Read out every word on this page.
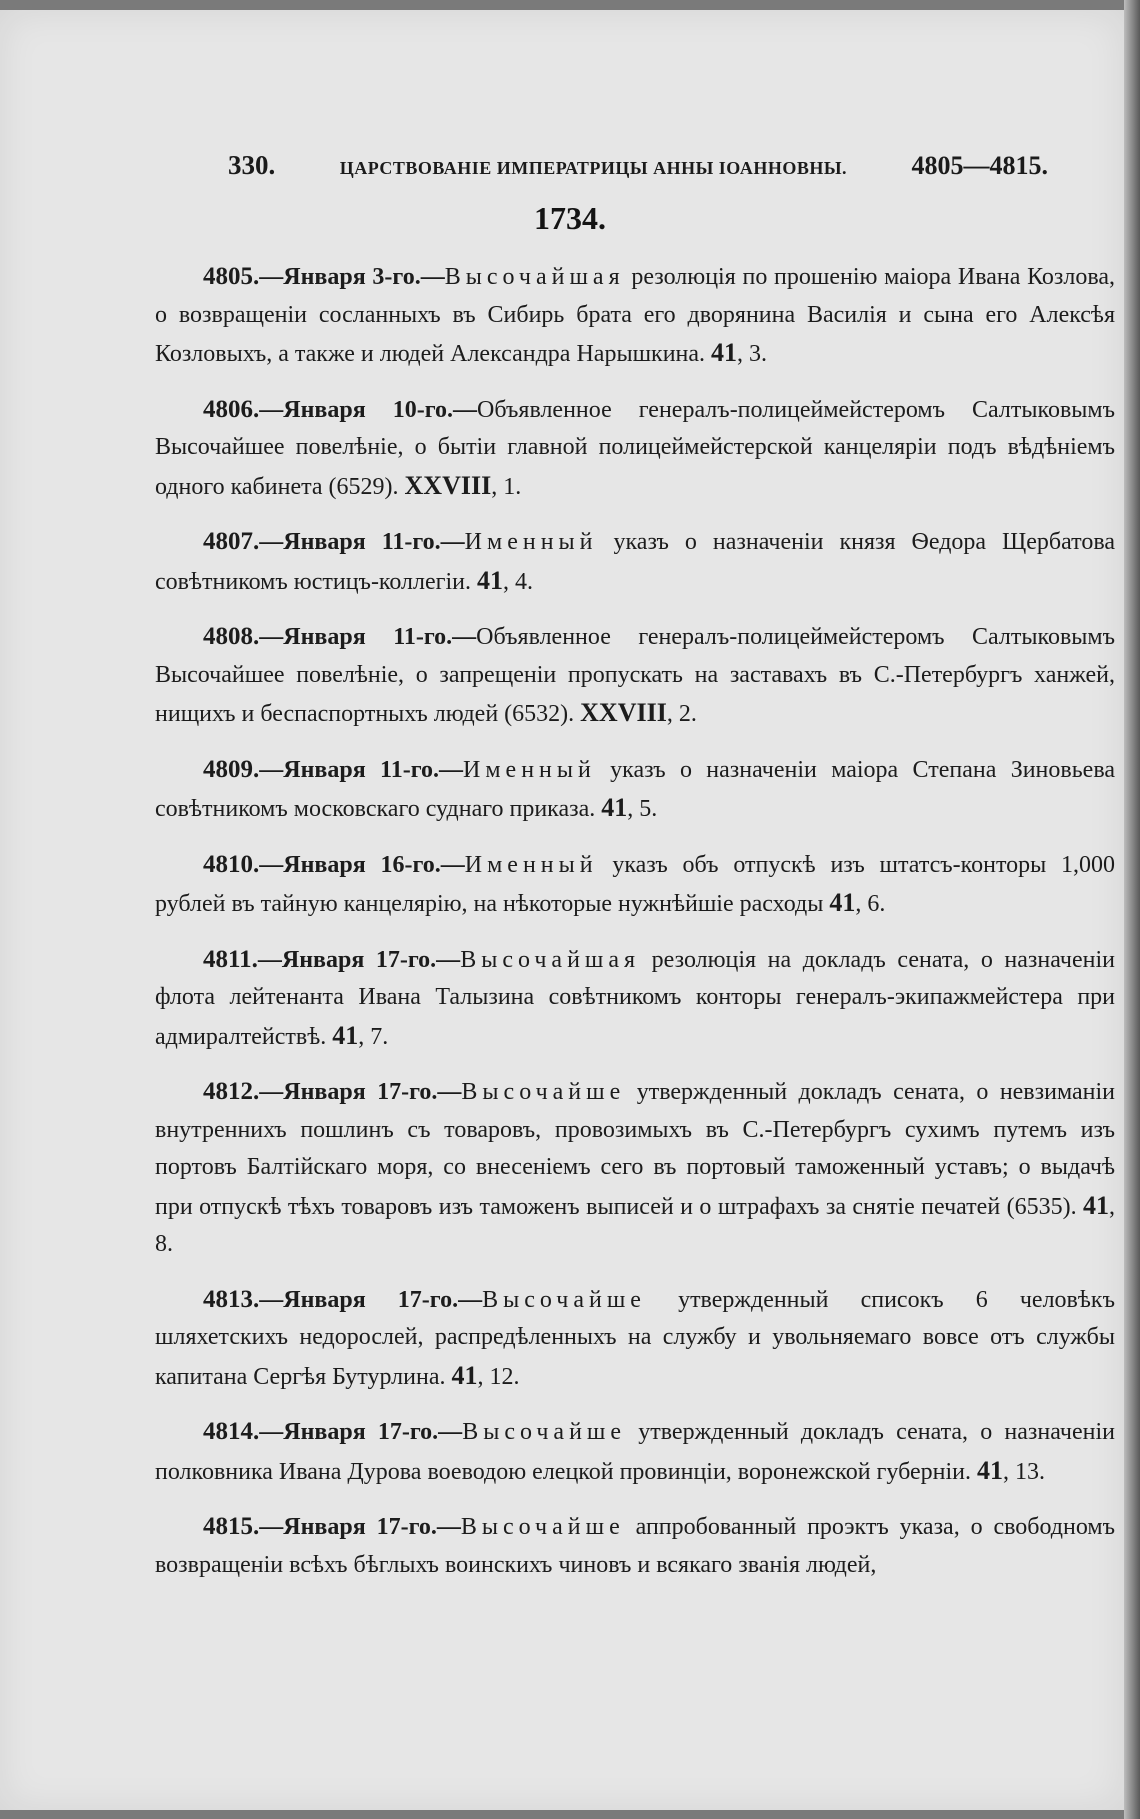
330.	ЦАРСТВОВАНІЕ ИМПЕРАТРИЦЫ АННЫ ІОАННОВНЫ. 4805—4815.
1734.

4805.—Января 3-го.—Высочайшая резолюція по прошенію маіора Ивана Козлова, о возвращеніи сосланныхъ въ Сибирь брата его дворянина Василія и сына его Алексѣя Козловыхъ, а также и людей Александра Нарышкина. 41, 3.

4806.—Января 10-го.—Объявленное генералъ-полицеймейстеромъ Салтыковымъ Высочайшее повелѣніе, о бытіи главной полицеймейстерской канцеляріи подъ вѣдѣніемъ одного кабинета (6529). XXVIII, 1.

4807.—Января 11-го.—Именный указъ о назначеніи князя Ѳедора Щербатова совѣтникомъ юстицъ-коллегіи. 41, 4.

4808.—Января 11-го.—Объявленное генералъ-полицеймейстеромъ Салтыковымъ Высочайшее повелѣніе, о запрещеніи пропускать на заставахъ въ С.-Петербургъ ханжей, нищихъ и беспаспортныхъ людей (6532). XXVIII, 2.

4809.—Января 11-го.—Именный указъ о назначеніи маіора Степана Зиновьева совѣтникомъ московскаго суднаго приказа. 41, 5.

4810.—Января 16-го.—Именный указъ объ отпускѣ изъ штатсъ-конторы 1,000 рублей въ тайную канцелярію, на нѣкоторые нужнѣйшіе расходы 41, 6.

4811.—Января 17-го.—Высочайшая резолюція на докладъ сената, о назначеніи флота лейтенанта Ивана Талызина совѣтникомъ конторы генералъ-экипажмейстера при адмиралтействѣ. 41, 7.

4812.—Января 17-го.—Высочайше утвержденный докладъ сената, о невзиманіи внутреннихъ пошлинъ съ товаровъ, провозимыхъ въ С.-Петербургъ сухимъ путемъ изъ портовъ Балтійскаго моря, со внесеніемъ сего въ портовый таможенный уставъ; о выдачѣ при отпускѣ тѣхъ товаровъ изъ таможенъ выписей и о штрафахъ за снятіе печатей (6535). 41, 8.

4813.—Января 17-го.—Высочайше утвержденный списокъ 6 человѣкъ шляхетскихъ недорослей, распредѣленныхъ на службу и увольняемаго вовсе отъ службы капитана Сергѣя Бутурлина. 41, 12.

4814.—Января 17-го.—Высочайше утвержденный докладъ сената, о назначеніи полковника Ивана Дурова воеводою елецкой провинціи, воронежской губерніи. 41, 13.

4815.—Января 17-го.—Высочайше аппробованный проэктъ указа, о свободномъ возвращеніи всѣхъ бѣглыхъ воинскихъ чиновъ и всякаго званія людей,
